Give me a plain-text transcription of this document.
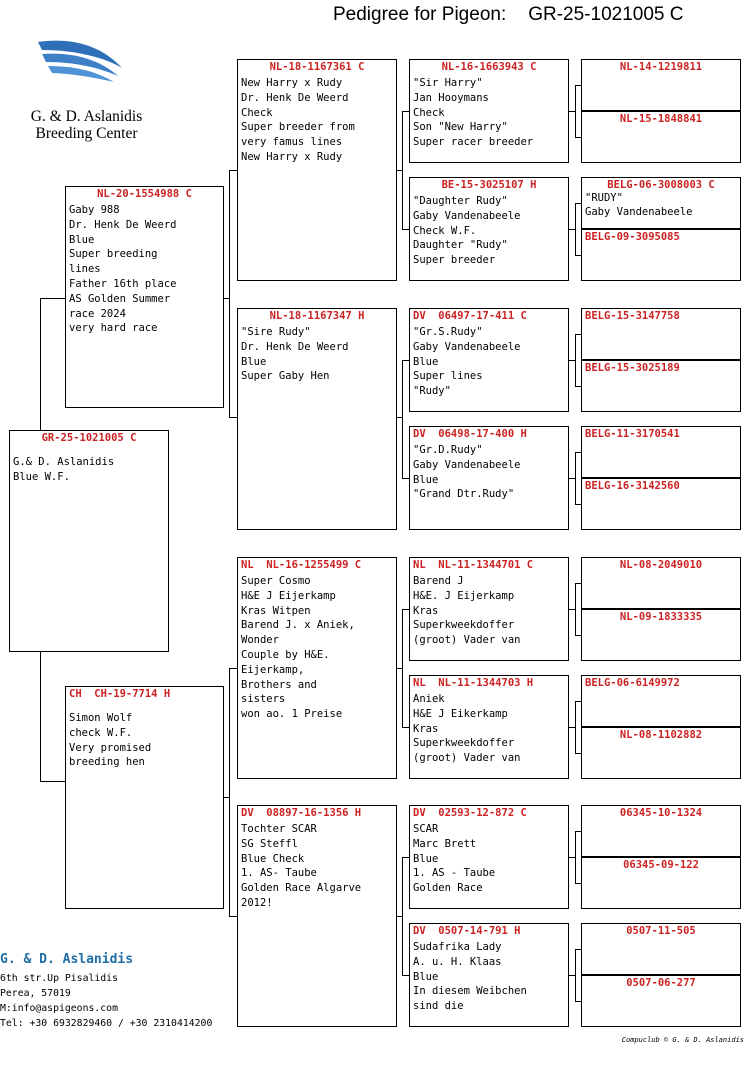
Pedigree for Pigeon: GR-25-1021005 C
G. & D. Aslanidis
Breeding Center
GR-25-1021005 C
G.& D. Aslanidis
Blue W.F.
NL-20-1554988 C
Gaby 988
Dr. Henk De Weerd
Blue
Super breeding
lines
Father 16th place
AS Golden Summer
race 2024
very hard race
CH  CH-19-7714 H
Simon Wolf
check W.F.
Very promised
breeding hen
NL-18-1167361 C
New Harry x Rudy
Dr. Henk De Weerd
Check
Super breeder from
very famus lines
New Harry x Rudy
NL-18-1167347 H
"Sire Rudy"
Dr. Henk De Weerd
Blue
Super Gaby Hen
NL  NL-16-1255499 C
Super Cosmo
H&E J Eijerkamp
Kras Witpen
Barend J. x Aniek,
Wonder
Couple by H&E.
Eijerkamp,
Brothers and
sisters
won ao. 1 Preise
DV  08897-16-1356 H
Tochter SCAR
SG Steffl
Blue Check
1. AS- Taube
Golden Race Algarve
2012!
NL-16-1663943 C
"Sir Harry"
Jan Hooymans
Check
Son "New Harry"
Super racer breeder
BE-15-3025107 H
"Daughter Rudy"
Gaby Vandenabeele
Check W.F.
Daughter "Rudy"
Super breeder
DV  06497-17-411 C
"Gr.S.Rudy"
Gaby Vandenabeele
Blue
Super lines
"Rudy"
DV  06498-17-400 H
"Gr.D.Rudy"
Gaby Vandenabeele
Blue
"Grand Dtr.Rudy"
NL  NL-11-1344701 C
Barend J
H&E. J Eijerkamp
Kras
Superkweekdoffer
(groot) Vader van
NL  NL-11-1344703 H
Aniek
H&E J Eikerkamp
Kras
Superkweekdoffer
(groot) Vader van
DV  02593-12-872 C
SCAR
Marc Brett
Blue
1. AS - Taube
Golden Race
DV  0507-14-791 H
Sudafrika Lady
A. u. H. Klaas
Blue
In diesem Weibchen
sind die
NL-14-1219811
NL-15-1848841
BELG-06-3008003 C
"RUDY"
Gaby Vandenabeele
BELG-09-3095085
BELG-15-3147758
BELG-15-3025189
BELG-11-3170541
BELG-16-3142560
NL-08-2049010
NL-09-1833335
BELG-06-6149972
NL-08-1102882
06345-10-1324
06345-09-122
0507-11-505
0507-06-277
G. & D. Aslanidis
6th str.Up Pisalidis
Perea, 57019
M:info@aspigeons.com
Tel: +30 6932829460 / +30 2310414200
Compuclub © G. & D. Aslanidis
